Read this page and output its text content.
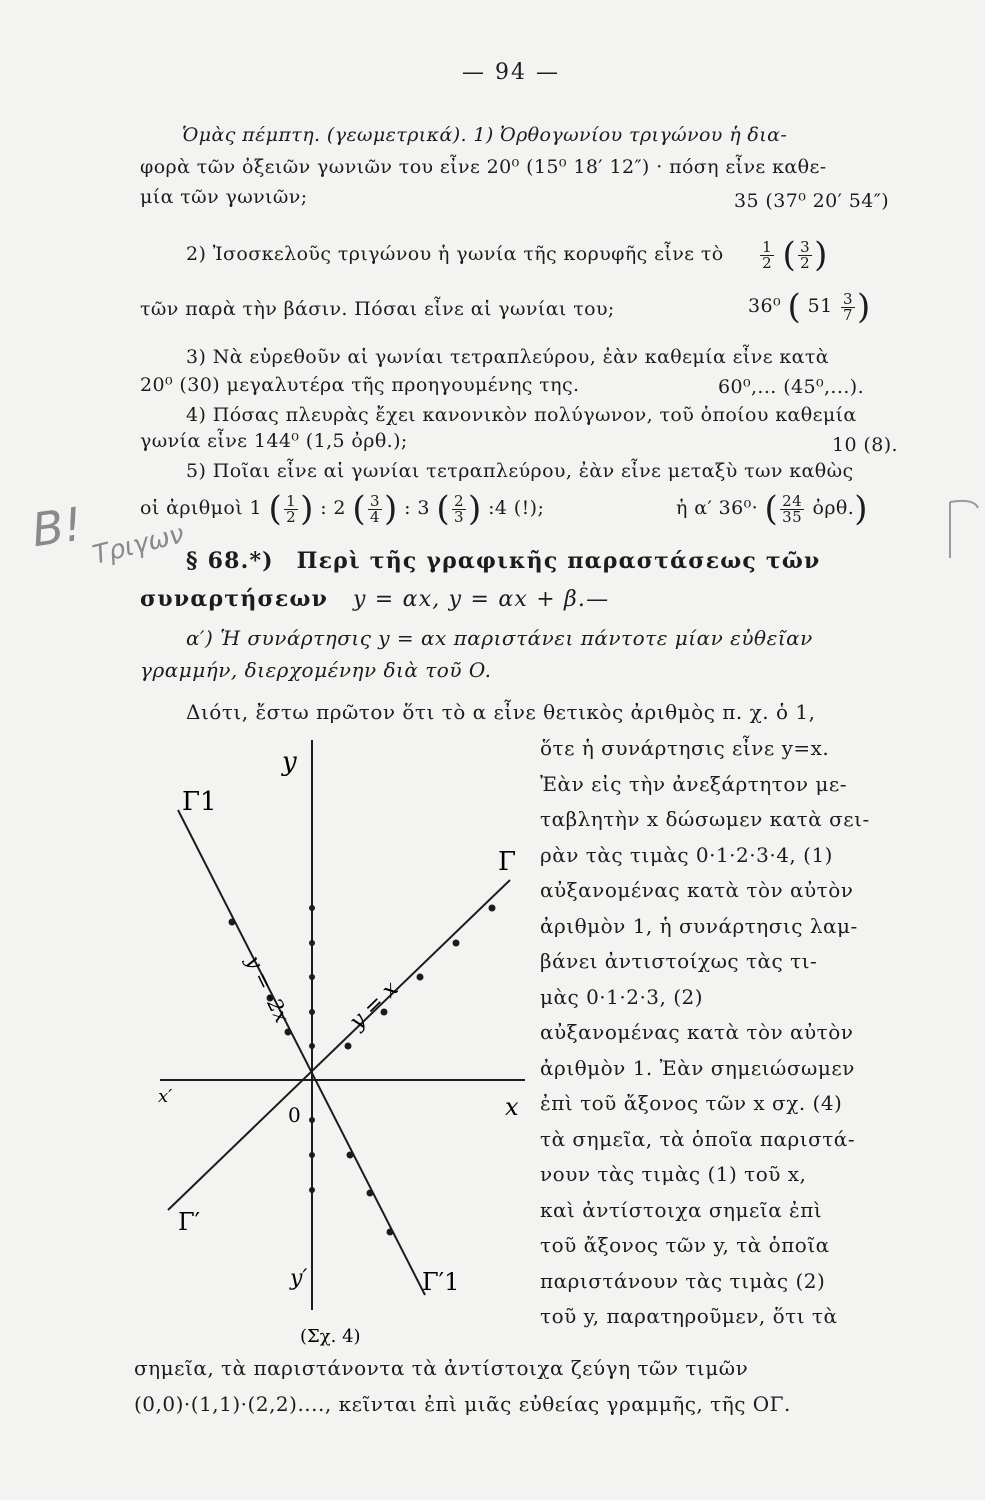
— 94 —
Ὁμὰς πέμπτη. (γεωμετρικά). 1) Ὀρθογωνίου τριγώνου ἡ δια-
φορὰ τῶν ὀξειῶν γωνιῶν του εἶνε 20⁰ (15⁰ 18′ 12″) · πόση εἶνε καθε-
μία τῶν γωνιῶν;	35 (37⁰ 20′ 54″)
2) Ἰσοσκελοῦς τριγώνου ἡ γωνία τῆς κορυφῆς εἶνε τὸ $\frac{1}{2}$ ( $\frac{3}{2}$ )
τῶν παρὰ τὴν βάσιν. Πόσαι εἶνε αἱ γωνίαι του;	36⁰ ( $51 \frac{3}{7}$ )
3) Νὰ εὑρεθοῦν αἱ γωνίαι τετραπλεύρου, ἐὰν καθεμία εἶνε κατὰ
20⁰ (30) μεγαλυτέρα τῆς προηγουμένης της.	60⁰,... (45⁰,...).
4) Πόσας πλευρὰς ἔχει κανονικὸν πολύγωνον, τοῦ ὁποίου καθεμία
γωνία εἶνε 144⁰ (1,5 ὀρθ.);	10 (8).
5) Ποῖαι εἶνε αἱ γωνίαι τετραπλεύρου, ἐὰν εἶνε μεταξὺ των καθὼς
οἱ ἀριθμοὶ 1 ( $\frac{1}{2}$ ) : 2 ( $\frac{3}{4}$ ) : 3 ( $\frac{2}{3}$ ) :4 (!);	ἡ α′ 36⁰· ( $\frac{24}{35}$ ὀρθ.)
Β! Τριγων
§ 68.*) Περὶ τῆς γραφικῆς παραστάσεως τῶν
συναρτήσεων y = αx, y = αx + β.—
α′) Ἡ συνάρτησις y = αx παριστάνει πάντοτε μίαν εὐθεῖαν
γραμμήν, διερχομένην διὰ τοῦ O.
Διότι, ἔστω πρῶτον ὅτι τὸ α εἶνε θετικὸς ἀριθμὸς π. χ. ὁ 1,
ὅτε ἡ συνάρτησις εἶνε y=x.
Ἐὰν εἰς τὴν ἀνεξάρτητον με-
ταβλητὴν x δώσωμεν κατὰ σει-
ρὰν τὰς τιμὰς 0·1·2·3·4, (1)
αὐξανομένας κατὰ τὸν αὐτὸν
ἀριθμὸν 1, ἡ συνάρτησις λαμ-
βάνει ἀντιστοίχως τὰς τι-
μὰς 0·1·2·3, (2)
αὐξανομένας κατὰ τὸν αὐτὸν
ἀριθμὸν 1. Ἐὰν σημειώσωμεν
ἐπὶ τοῦ ἄξονος τῶν x σχ. (4)
τὰ σημεῖα, τὰ ὁποῖα παριστά-
νουν τὰς τιμὰς (1) τοῦ x,
καὶ ἀντίστοιχα σημεῖα ἐπὶ
τοῦ ἄξονος τῶν y, τὰ ὁποῖα
παριστάνουν τὰς τιμὰς (2)
τοῦ y, παρατηροῦμεν, ὅτι τὰ
y
y′
x
x′
0
Γ1
Γ
Γ′
Γ′1
y = x
y = -2x
(Σχ. 4)
σημεῖα, τὰ παριστάνοντα τὰ ἀντίστοιχα ζεύγη τῶν τιμῶν
(0,0)·(1,1)·(2,2)...., κεῖνται ἐπὶ μιᾶς εὐθείας γραμμῆς, τῆς ΟΓ.
